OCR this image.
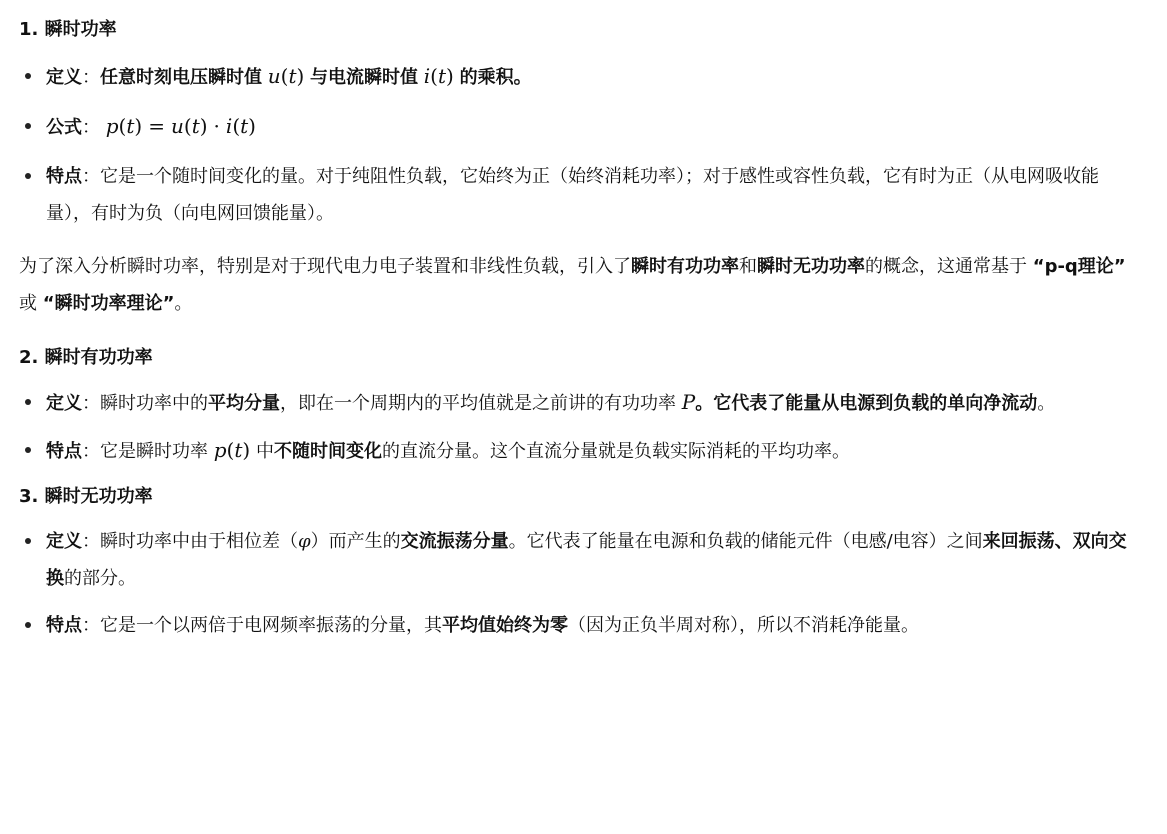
1. 瞬时功率
定义：任意时刻电压瞬时值 u(t) 与电流瞬时值 i(t) 的乘积。
公式： p(t) = u(t) · i(t)
特点：它是一个随时间变化的量。对于纯阻性负载，它始终为正（始终消耗功率）；对于感性或容性负载，它有时为正（从电网吸收能量），有时为负（向电网回馈能量）。

为了深入分析瞬时功率，特别是对于现代电力电子装置和非线性负载，引入了瞬时有功功率和瞬时无功功率的概念，这通常基于 “p-q理论” 或 “瞬时功率理论”。

2. 瞬时有功功率
定义：瞬时功率中的平均分量，即在一个周期内的平均值就是之前讲的有功功率 P。它代表了能量从电源到负载的单向净流动。
特点：它是瞬时功率 p(t) 中不随时间变化的直流分量。这个直流分量就是负载实际消耗的平均功率。
3. 瞬时无功功率
定义：瞬时功率中由于相位差（φ）而产生的交流振荡分量。它代表了能量在电源和负载的储能元件（电感/电容）之间来回振荡、双向交换的部分。
特点：它是一个以两倍于电网频率振荡的分量，其平均值始终为零（因为正负半周对称），所以不消耗净能量。
